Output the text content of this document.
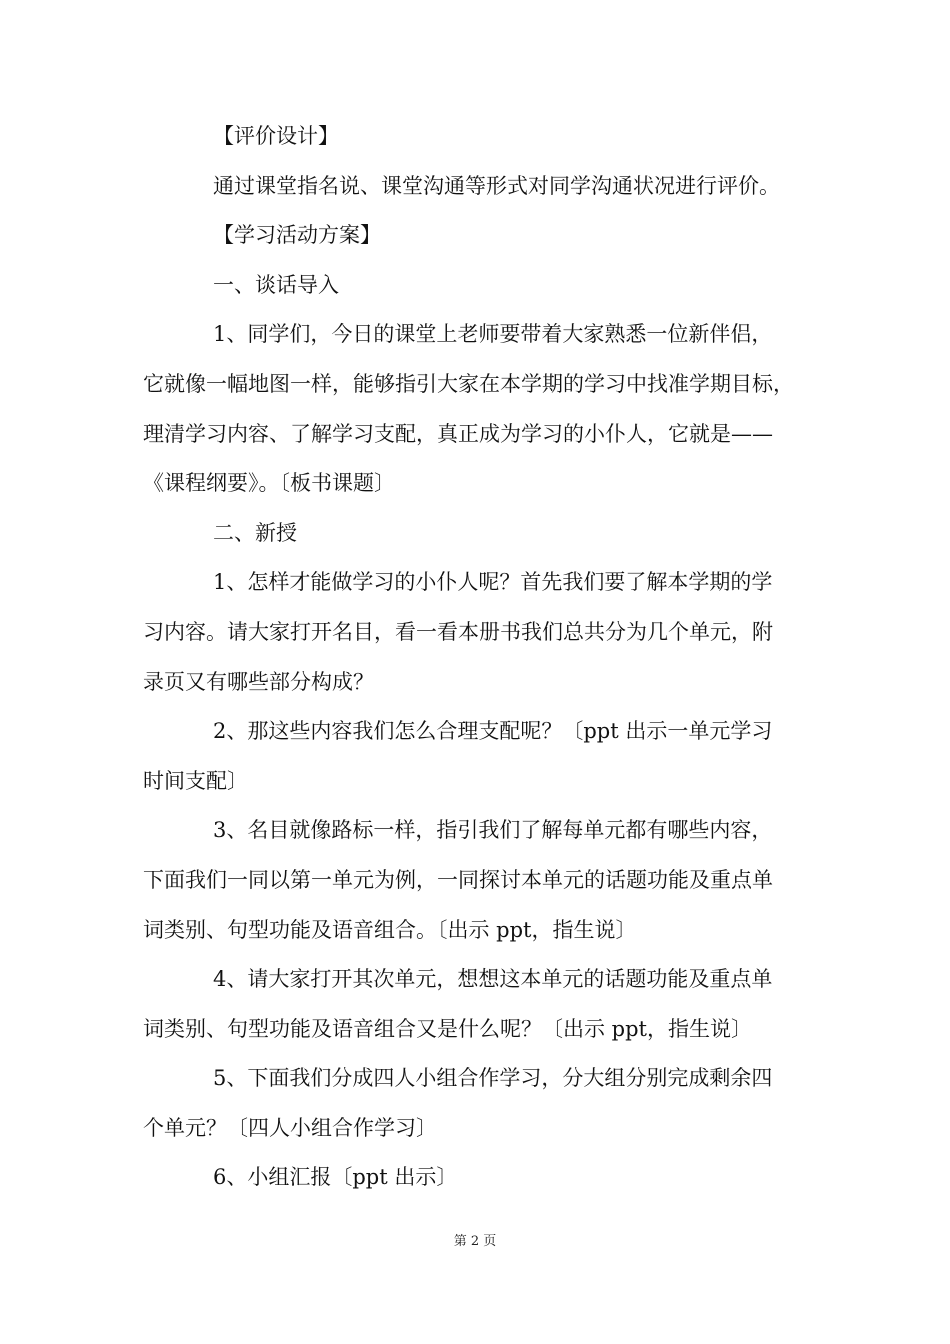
【评价设计】

通过课堂指名说、课堂沟通等形式对同学沟通状况进行评价。

【学习活动方案】

一、谈话导入

1、同学们，今日的课堂上老师要带着大家熟悉一位新伴侣，
它就像一幅地图一样，能够指引大家在本学期的学习中找准学期目标，
理清学习内容、了解学习支配，真正成为学习的小仆人，它就是——
《课程纲要》。〔板书课题〕

二、新授

1、怎样才能做学习的小仆人呢？首先我们要了解本学期的学
习内容。请大家打开名目，看一看本册书我们总共分为几个单元，附
录页又有哪些部分构成？

2、那这些内容我们怎么合理支配呢？〔ppt 出示一单元学习
时间支配〕

3、名目就像路标一样，指引我们了解每单元都有哪些内容，
下面我们一同以第一单元为例，一同探讨本单元的话题功能及重点单
词类别、句型功能及语音组合。〔出示 ppt，指生说〕

4、请大家打开其次单元，想想这本单元的话题功能及重点单
词类别、句型功能及语音组合又是什么呢？〔出示 ppt，指生说〕

5、下面我们分成四人小组合作学习，分大组分别完成剩余四
个单元？〔四人小组合作学习〕

6、小组汇报〔ppt 出示〕

第 2 页
